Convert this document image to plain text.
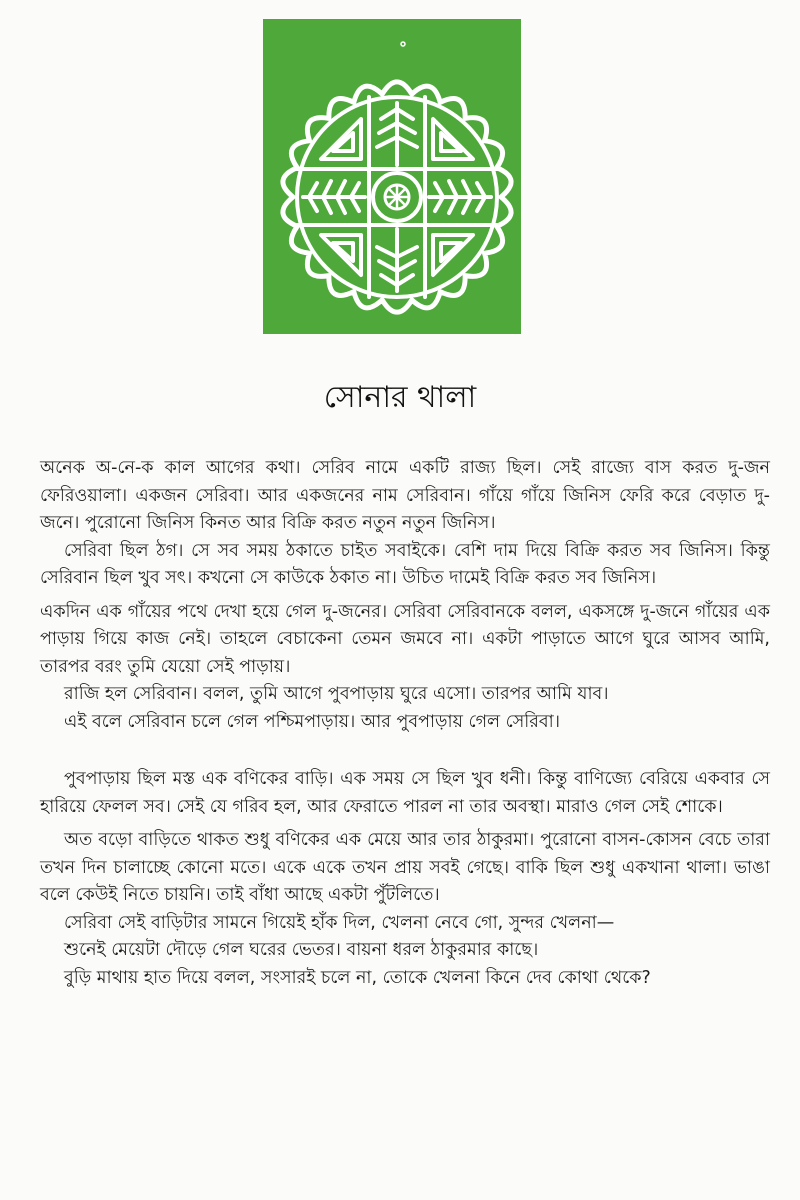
সোনার থালা

অনেক অ-নে-ক কাল আগের কথা। সেরিব নামে একটি রাজ্য ছিল। সেই রাজ্যে বাস করত দু-জন ফেরিওয়ালা। একজন সেরিবা। আর একজনের নাম সেরিবান। গাঁয়ে গাঁয়ে জিনিস ফেরি করে বেড়াত দু-জনে। পুরোনো জিনিস কিনত আর বিক্রি করত নতুন নতুন জিনিস।

সেরিবা ছিল ঠগ। সে সব সময় ঠকাতে চাইত সবাইকে। বেশি দাম দিয়ে বিক্রি করত সব জিনিস। কিন্তু সেরিবান ছিল খুব সৎ। কখনো সে কাউকে ঠকাত না। উচিত দামেই বিক্রি করত সব জিনিস।

একদিন এক গাঁয়ের পথে দেখা হয়ে গেল দু-জনের। সেরিবা সেরিবানকে বলল, একসঙ্গে দু-জনে গাঁয়ের এক পাড়ায় গিয়ে কাজ নেই। তাহলে বেচাকেনা তেমন জমবে না। একটা পাড়াতে আগে ঘুরে আসব আমি, তারপর বরং তুমি যেয়ো সেই পাড়ায়।

রাজি হল সেরিবান। বলল, তুমি আগে পুবপাড়ায় ঘুরে এসো। তারপর আমি যাব।

এই বলে সেরিবান চলে গেল পশ্চিমপাড়ায়। আর পুবপাড়ায় গেল সেরিবা।

পুবপাড়ায় ছিল মস্ত এক বণিকের বাড়ি। এক সময় সে ছিল খুব ধনী। কিন্তু বাণিজ্যে বেরিয়ে একবার সে হারিয়ে ফেলল সব। সেই যে গরিব হল, আর ফেরাতে পারল না তার অবস্থা। মারাও গেল সেই শোকে।

অত বড়ো বাড়িতে থাকত শুধু বণিকের এক মেয়ে আর তার ঠাকুরমা। পুরোনো বাসন-কোসন বেচে তারা তখন দিন চালাচ্ছে কোনো মতে। একে একে তখন প্রায় সবই গেছে। বাকি ছিল শুধু একখানা থালা। ভাঙা বলে কেউই নিতে চায়নি। তাই বাঁধা আছে একটা পুঁটলিতে।

সেরিবা সেই বাড়িটার সামনে গিয়েই হাঁক দিল, খেলনা নেবে গো, সুন্দর খেলনা—

শুনেই মেয়েটা দৌড়ে গেল ঘরের ভেতর। বায়না ধরল ঠাকুরমার কাছে।

বুড়ি মাথায় হাত দিয়ে বলল, সংসারই চলে না, তোকে খেলনা কিনে দেব কোথা থেকে?
